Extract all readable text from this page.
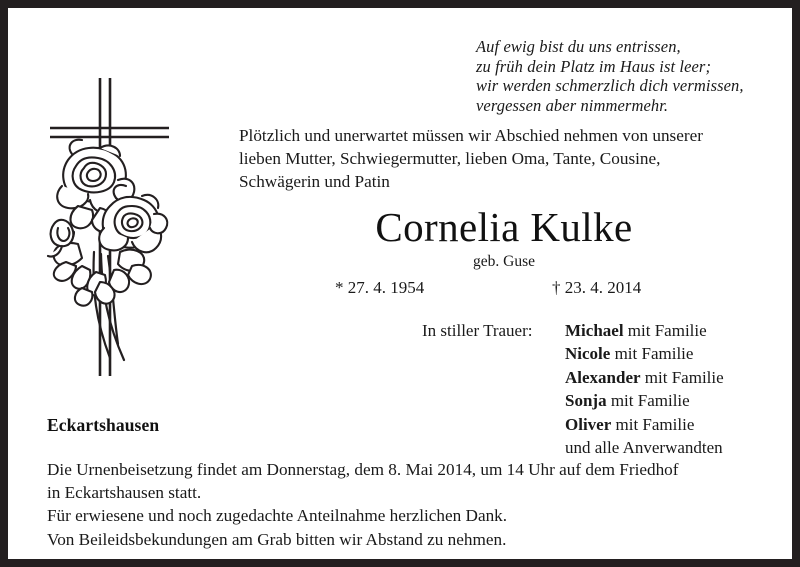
Auf ewig bist du uns entrissen,
zu früh dein Platz im Haus ist leer;
wir werden schmerzlich dich vermissen,
vergessen aber nimmermehr.
Plötzlich und unerwartet müssen wir Abschied nehmen von unserer
lieben Mutter, Schwiegermutter, lieben Oma, Tante, Cousine,
Schwägerin und Patin
Cornelia Kulke
geb. Guse
* 27. 4. 1954	† 23. 4. 2014
In stiller Trauer: Michael mit Familie
Nicole mit Familie
Alexander mit Familie
Sonja mit Familie
Oliver mit Familie
und alle Anverwandten
Eckartshausen
Die Urnenbeisetzung findet am Donnerstag, dem 8. Mai 2014, um 14 Uhr auf dem Friedhof
in Eckartshausen statt.
Für erwiesene und noch zugedachte Anteilnahme herzlichen Dank.
Von Beileidsbekundungen am Grab bitten wir Abstand zu nehmen.
